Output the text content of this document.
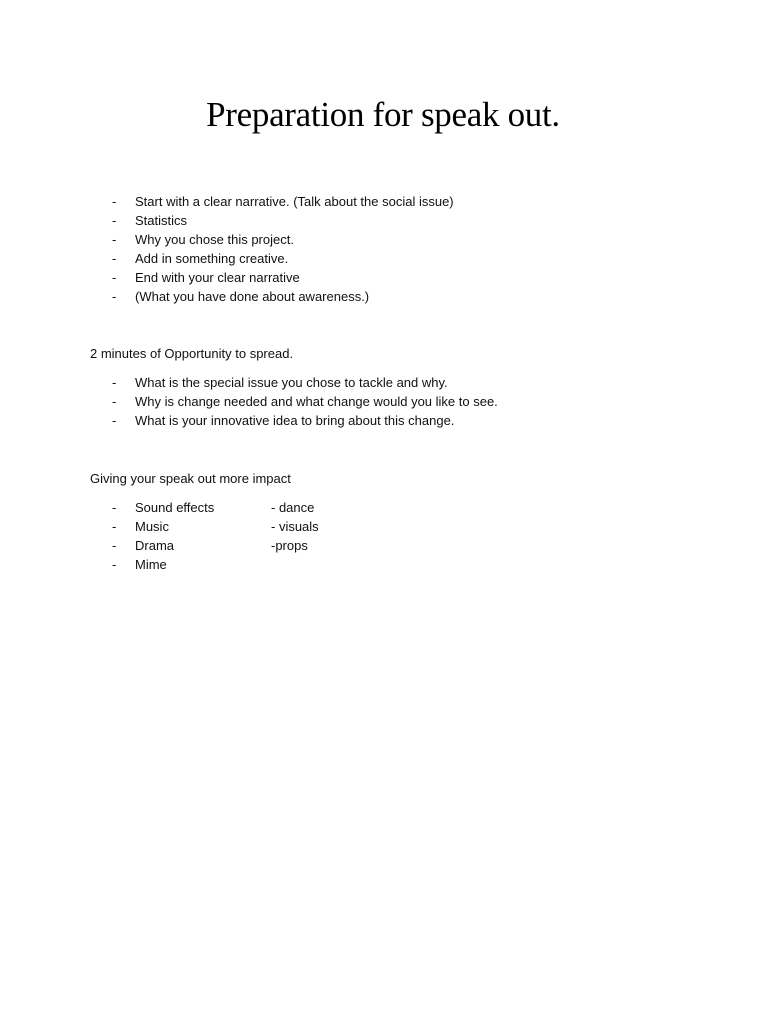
Preparation for speak out.
-	Start with a clear narrative. (Talk about the social issue)
-	Statistics
-	Why you chose this project.
-	Add in something creative.
-	End with your clear narrative
-	(What you have done about awareness.)
2 minutes of Opportunity to spread.
-	What is the special issue you chose to tackle and why.
-	Why is change needed and what change would you like to see.
-	What is your innovative idea to bring about this change.
Giving your speak out more impact
-	Sound effects	- dance
-	Music	- visuals
-	Drama	-props
-	Mime
